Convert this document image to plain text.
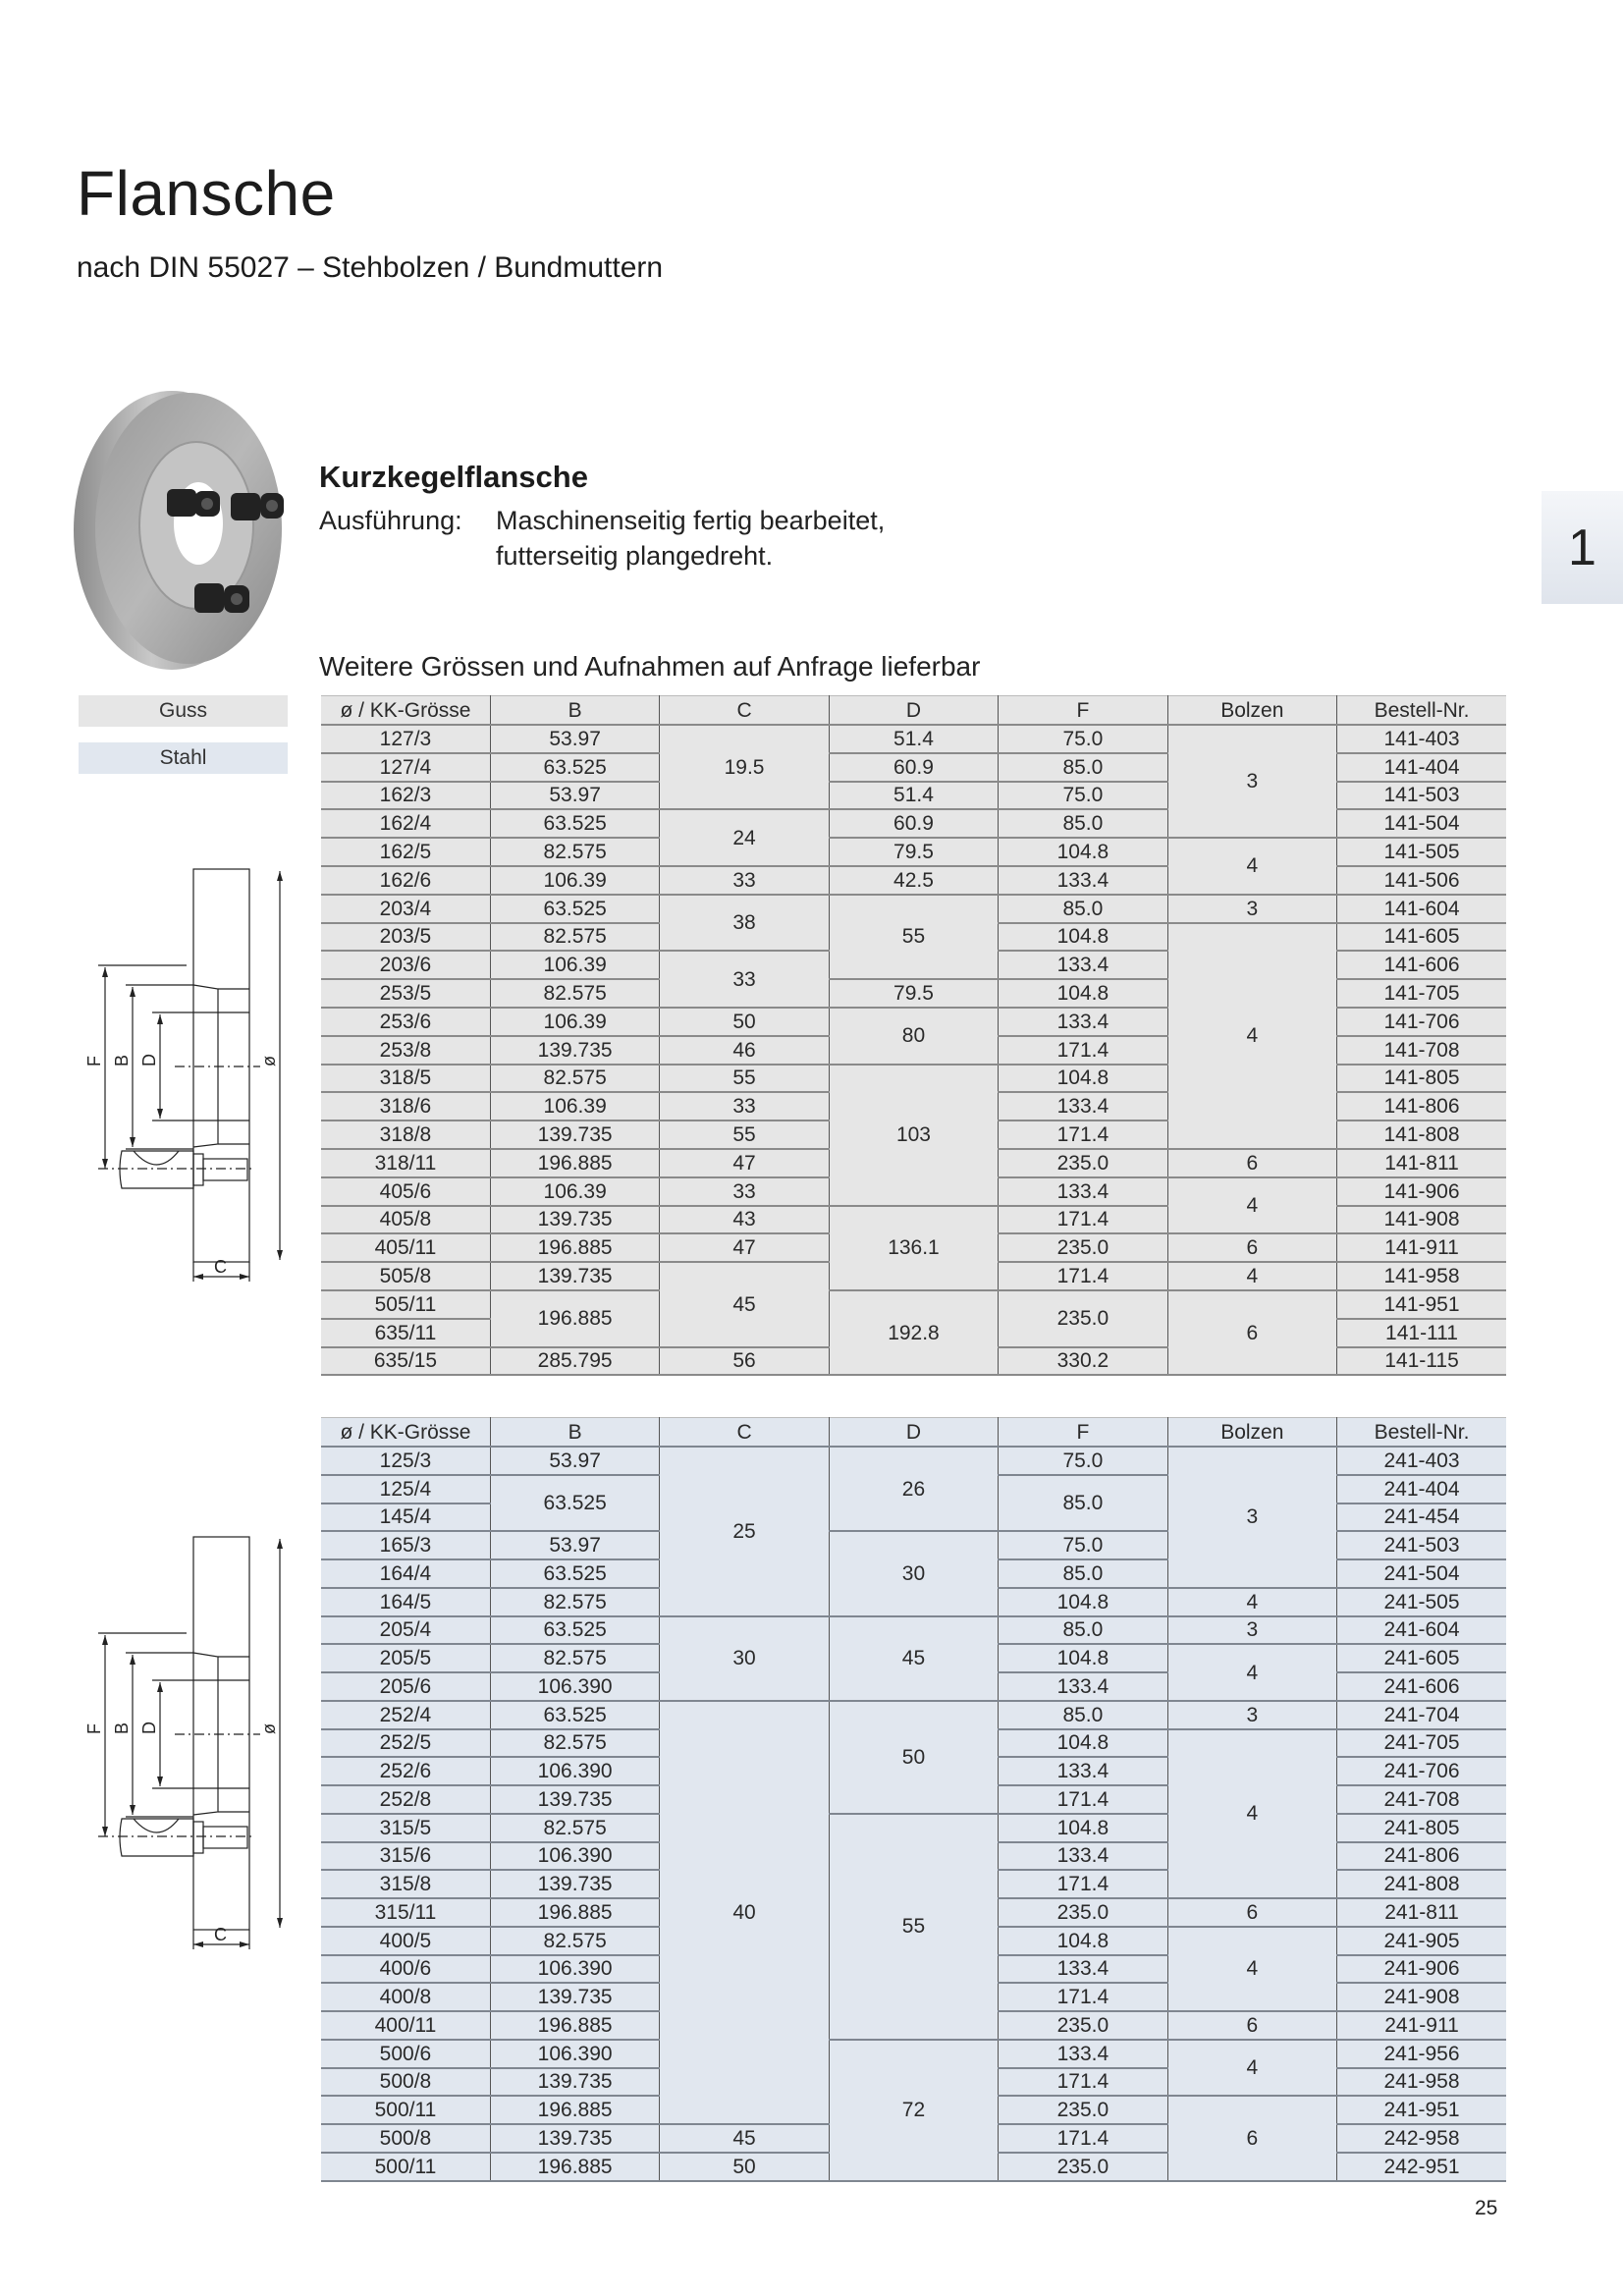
Flansche
nach DIN 55027 – Stehbolzen / Bundmuttern
1
Kurzkegelflansche
Ausführung: Maschinenseitig fertig bearbeitet,
futterseitig plangedreht.
Weitere Grössen und Aufnahmen auf Anfrage lieferbar
Guss
Stahl
F B D	ø
C
F B D	ø
C
ø / KK-Grösse	B	C	D	F	Bolzen	Bestell-Nr.
127/3	53.97	19.5	51.4	75.0	3	141-403
127/4	63.525		60.9	85.0		141-404
162/3	53.97		51.4	75.0		141-503
162/4	63.525	24	60.9	85.0		141-504
162/5	82.575		79.5	104.8	4	141-505
162/6	106.39	33	42.5	133.4		141-506
203/4	63.525	38	55	85.0	3	141-604
203/5	82.575			104.8	4	141-605
203/6	106.39	33		133.4		141-606
253/5	82.575		79.5	104.8		141-705
253/6	106.39	50	80	133.4		141-706
253/8	139.735	46		171.4		141-708
318/5	82.575	55	103	104.8		141-805
318/6	106.39	33		133.4		141-806
318/8	139.735	55		171.4		141-808
318/11	196.885	47		235.0	6	141-811
405/6	106.39	33		133.4	4	141-906
405/8	139.735	43	136.1	171.4		141-908
405/11	196.885	47		235.0	6	141-911
505/8	139.735	45		171.4	4	141-958
505/11	196.885		192.8	235.0	6	141-951
635/11						141-111
635/15	285.795	56		330.2		141-115
ø / KK-Grösse	B	C	D	F	Bolzen	Bestell-Nr.
125/3	53.97	25	26	75.0	3	241-403
125/4	63.525			85.0		241-404
145/4						241-454
165/3	53.97		30	75.0		241-503
164/4	63.525			85.0		241-504
164/5	82.575			104.8	4	241-505
205/4	63.525	30	45	85.0	3	241-604
205/5	82.575			104.8	4	241-605
205/6	106.390			133.4		241-606
252/4	63.525	40	50	85.0	3	241-704
252/5	82.575			104.8	4	241-705
252/6	106.390			133.4		241-706
252/8	139.735			171.4		241-708
315/5	82.575		55	104.8		241-805
315/6	106.390			133.4		241-806
315/8	139.735			171.4		241-808
315/11	196.885			235.0	6	241-811
400/5	82.575			104.8	4	241-905
400/6	106.390			133.4		241-906
400/8	139.735			171.4		241-908
400/11	196.885			235.0	6	241-911
500/6	106.390		72	133.4	4	241-956
500/8	139.735			171.4		241-958
500/11	196.885			235.0	6	241-951
500/8	139.735	45		171.4		242-958
500/11	196.885	50		235.0		242-951
25
